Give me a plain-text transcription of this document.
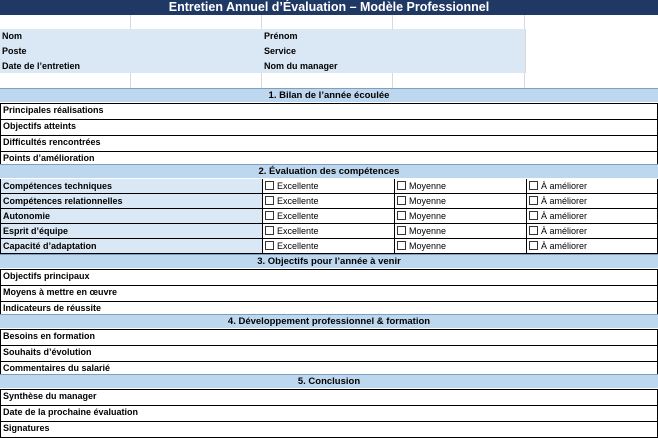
Entretien Annuel d’Évaluation – Modèle Professionnel
Nom	Prénom
Poste	Service
Date de l’entretien	Nom du manager
1. Bilan de l’année écoulée
Principales réalisations
Objectifs atteints
Difficultés rencontrées
Points d’amélioration
2. Évaluation des compétences
Compétences techniques	Excellente	Moyenne	À améliorer
Compétences relationnelles	Excellente	Moyenne	À améliorer
Autonomie	Excellente	Moyenne	À améliorer
Esprit d’équipe	Excellente	Moyenne	À améliorer
Capacité d’adaptation	Excellente	Moyenne	À améliorer
3. Objectifs pour l’année à venir
Objectifs principaux
Moyens à mettre en œuvre
Indicateurs de réussite
4. Développement professionnel & formation
Besoins en formation
Souhaits d’évolution
Commentaires du salarié
5. Conclusion
Synthèse du manager
Date de la prochaine évaluation
Signatures
